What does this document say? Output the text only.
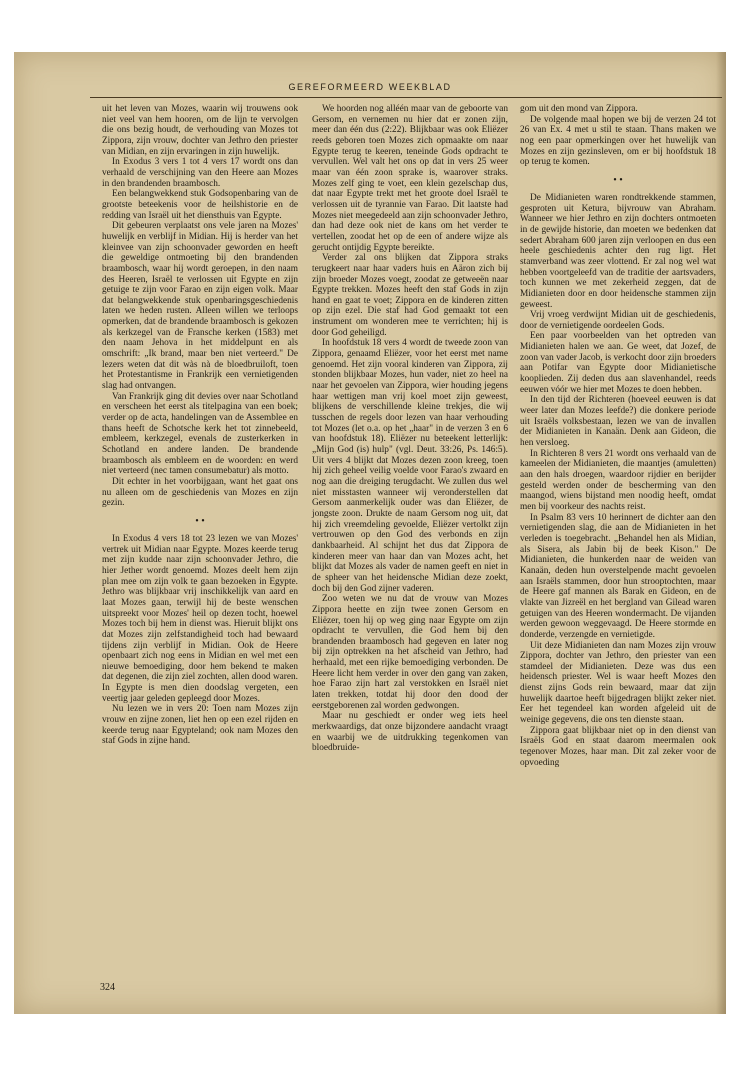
GEREFORMEERD WEEKBLAD

uit het leven van Mozes, waarin wij trouwens ook niet veel van hem hooren, om de lijn te vervolgen die ons bezig houdt, de verhouding van Mozes tot Zippora, zijn vrouw, dochter van Jethro den priester van Midian, en zijn ervaringen in zijn huwelijk.

In Exodus 3 vers 1 tot 4 vers 17 wordt ons dan verhaald de verschijning van den Heere aan Mozes in den brandenden braambosch.

Een belangwekkend stuk Godsopenbaring van de grootste beteekenis voor de heilshistorie en de redding van Israël uit het diensthuis van Egypte.

Dit gebeuren verplaatst ons vele jaren na Mozes' huwelijk en verblijf in Midian. Hij is herder van het kleinvee van zijn schoonvader geworden en heeft die geweldige ontmoeting bij den brandenden braambosch, waar hij wordt geroepen, in den naam des Heeren, Israël te verlossen uit Egypte en zijn getuige te zijn voor Farao en zijn eigen volk. Maar dat belangwekkende stuk openbaringsgeschiedenis laten we heden rusten. Alleen willen we terloops opmerken, dat de brandende braambosch is gekozen als kerkzegel van de Fransche kerken (1583) met den naam Jehova in het middelpunt en als omschrift: „Ik brand, maar ben niet verteerd." De lezers weten dat dit wàs nà de bloedbruiloft, toen het Protestantisme in Frankrijk een vernietigenden slag had ontvangen.

Van Frankrijk ging dit devies over naar Schotland en verscheen het eerst als titelpagina van een boek; verder op de acta, handelingen van de Assemblee en thans heeft de Schotsche kerk het tot zinnebeeld, embleem, kerkzegel, evenals de zusterkerken in Schotland en andere landen. De brandende braambosch als embleem en de woorden: en werd niet verteerd (nec tamen consumebatur) als motto.

Dit echter in het voorbijgaan, want het gaat ons nu alleen om de geschiedenis van Mozes en zijn gezin.

• •

In Exodus 4 vers 18 tot 23 lezen we van Mozes' vertrek uit Midian naar Egypte. Mozes keerde terug met zijn kudde naar zijn schoonvader Jethro, die hier Jether wordt genoemd. Mozes deelt hem zijn plan mee om zijn volk te gaan bezoeken in Egypte. Jethro was blijkbaar vrij inschikkelijk van aard en laat Mozes gaan, terwijl hij de beste wenschen uitspreekt voor Mozes' heil op dezen tocht, hoewel Mozes toch bij hem in dienst was. Hieruit blijkt ons dat Mozes zijn zelfstandigheid toch had bewaard tijdens zijn verblijf in Midian. Ook de Heere openbaart zich nog eens in Midian en wel met een nieuwe bemoediging, door hem bekend te maken dat degenen, die zijn ziel zochten, allen dood waren. In Egypte is men dien doodslag vergeten, een veertig jaar geleden gepleegd door Mozes.

Nu lezen we in vers 20: Toen nam Mozes zijn vrouw en zijne zonen, liet hen op een ezel rijden en keerde terug naar Egypteland; ook nam Mozes den staf Gods in zijne hand.

We hoorden nog alléén maar van de geboorte van Gersom, en vernemen nu hier dat er zonen zijn, meer dan één dus (2:22). Blijkbaar was ook Eliëzer reeds geboren toen Mozes zich opmaakte om naar Egypte terug te keeren, teneinde Gods opdracht te vervullen. Wel valt het ons op dat in vers 25 weer maar van één zoon sprake is, waarover straks. Mozes zelf ging te voet, een klein gezelschap dus, dat naar Egypte trekt met het groote doel Israël te verlossen uit de tyrannie van Farao. Dit laatste had Mozes niet meegedeeld aan zijn schoonvader Jethro, dan had deze ook niet de kans om het verder te vertellen, zoodat het op de een of andere wijze als gerucht ontijdig Egypte bereikte.

Verder zal ons blijken dat Zippora straks terugkeert naar haar vaders huis en Aäron zich bij zijn broeder Mozes voegt, zoodat ze getweeën naar Egypte trekken. Mozes heeft den staf Gods in zijn hand en gaat te voet; Zippora en de kinderen zitten op zijn ezel. Die staf had God gemaakt tot een instrument om wonderen mee te verrichten; hij is door God geheiligd.

In hoofdstuk 18 vers 4 wordt de tweede zoon van Zippora, genaamd Eliëzer, voor het eerst met name genoemd. Het zijn vooral kinderen van Zippora, zij stonden blijkbaar Mozes, hun vader, niet zo heel na naar het gevoelen van Zippora, wier houding jegens haar wettigen man vrij koel moet zijn geweest, blijkens de verschillende kleine trekjes, die wij tusschen de regels door lezen van haar verhouding tot Mozes (let o.a. op het „haar" in de verzen 3 en 6 van hoofdstuk 18). Eliëzer nu beteekent letterlijk: „Mijn God (is) hulp" (vgl. Deut. 33:26, Ps. 146:5). Uit vers 4 blijkt dat Mozes dezen zoon kreeg, toen hij zich geheel veilig voelde voor Farao's zwaard en nog aan die dreiging terugdacht. We zullen dus wel niet misstasten wanneer wij veronderstellen dat Gersom aanmerkelijk ouder was dan Eliëzer, de jongste zoon. Drukte de naam Gersom nog uit, dat hij zich vreemdeling gevoelde, Eliëzer vertolkt zijn vertrouwen op den God des verbonds en zijn dankbaarheid. Al schijnt het dus dat Zippora de kinderen meer van haar dan van Mozes acht, het blijkt dat Mozes als vader de namen geeft en niet in de spheer van het heidensche Midian deze zoekt, doch bij den God zijner vaderen.

Zoo weten we nu dat de vrouw van Mozes Zippora heette en zijn twee zonen Gersom en Eliëzer, toen hij op weg ging naar Egypte om zijn opdracht te vervullen, die God hem bij den brandenden braambosch had gegeven en later nog bij zijn optrekken na het afscheid van Jethro, had herhaald, met een rijke bemoediging verbonden. De Heere licht hem verder in over den gang van zaken, hoe Farao zijn hart zal verstokken en Israël niet laten trekken, totdat hij door den dood der eerstgeborenen zal worden gedwongen.

Maar nu geschiedt er onder weg iets heel merkwaardigs, dat onze bijzondere aandacht vraagt en waarbij we de uitdrukking tegenkomen van bloedbruide-

gom uit den mond van Zippora.

De volgende maal hopen we bij de verzen 24 tot 26 van Ex. 4 met u stil te staan. Thans maken we nog een paar opmerkingen over het huwelijk van Mozes en zijn gezinsleven, om er bij hoofdstuk 18 op terug te komen.

• •

De Midianieten waren rondtrekkende stammen, gesproten uit Ketura, bijvrouw van Abraham. Wanneer we hier Jethro en zijn dochters ontmoeten in de gewijde historie, dan moeten we bedenken dat sedert Abraham 600 jaren zijn verloopen en dus een heele geschiedenis achter den rug ligt. Het stamverband was zeer vlottend. Er zal nog wel wat hebben voortgeleefd van de traditie der aartsvaders, toch kunnen we met zekerheid zeggen, dat de Midianieten door en door heidensche stammen zijn geweest.

Vrij vroeg verdwijnt Midian uit de geschiedenis, door de vernietigende oordeelen Gods.

Een paar voorbeelden van het optreden van Midianieten halen we aan. Ge weet, dat Jozef, de zoon van vader Jacob, is verkocht door zijn broeders aan Potifar van Egypte door Midianietische kooplieden. Zij deden dus aan slavenhandel, reeds eeuwen vóór we hier met Mozes te doen hebben.

In den tijd der Richteren (hoeveel eeuwen is dat weer later dan Mozes leefde?) die donkere periode uit Israëls volksbestaan, lezen we van de invallen der Midianieten in Kanaän. Denk aan Gideon, die hen versloeg.

In Richteren 8 vers 21 wordt ons verhaald van de kameelen der Midianieten, die maantjes (amuletten) aan den hals droegen, waardoor rijdier en berijder gesteld werden onder de bescherming van den maangod, wiens bijstand men noodig heeft, omdat men bij voorkeur des nachts reist.

In Psalm 83 vers 10 herinnert de dichter aan den vernietigenden slag, die aan de Midianieten in het verleden is toegebracht. „Behandel hen als Midian, als Sisera, als Jabin bij de beek Kison." De Midianieten, die hunkerden naar de weiden van Kanaän, deden hun overstelpende macht gevoelen aan Israëls stammen, door hun strooptochten, maar de Heere gaf mannen als Barak en Gideon, en de vlakte van Jizreël en het bergland van Gilead waren getuigen van des Heeren wondermacht. De vijanden werden gewoon weggevaagd. De Heere stormde en donderde, verzengde en vernietigde.

Uit deze Midianieten dan nam Mozes zijn vrouw Zippora, dochter van Jethro, den priester van een stamdeel der Midianieten. Deze was dus een heidensch priester. Wel is waar heeft Mozes den dienst zijns Gods rein bewaard, maar dat zijn huwelijk daartoe heeft bijgedragen blijkt zeker niet. Eer het tegendeel kan worden afgeleid uit de weinige gegevens, die ons ten dienste staan.

Zippora gaat blijkbaar niet op in den dienst van Israëls God en staat daarom meermalen ook tegenover Mozes, haar man. Dit zal zeker voor de opvoeding

324
